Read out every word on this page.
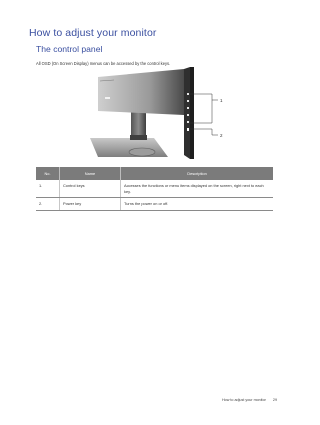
How to adjust your monitor
The control panel

All OSD (On Screen Display) menus can be accessed by the control keys.

1
2
No.	Name	Description
1.	Control keys	Accesses the functions or menu items displayed on the screen, right next to each key.
2.	Power key	Turns the power on or off.
How to adjust your monitor 29
